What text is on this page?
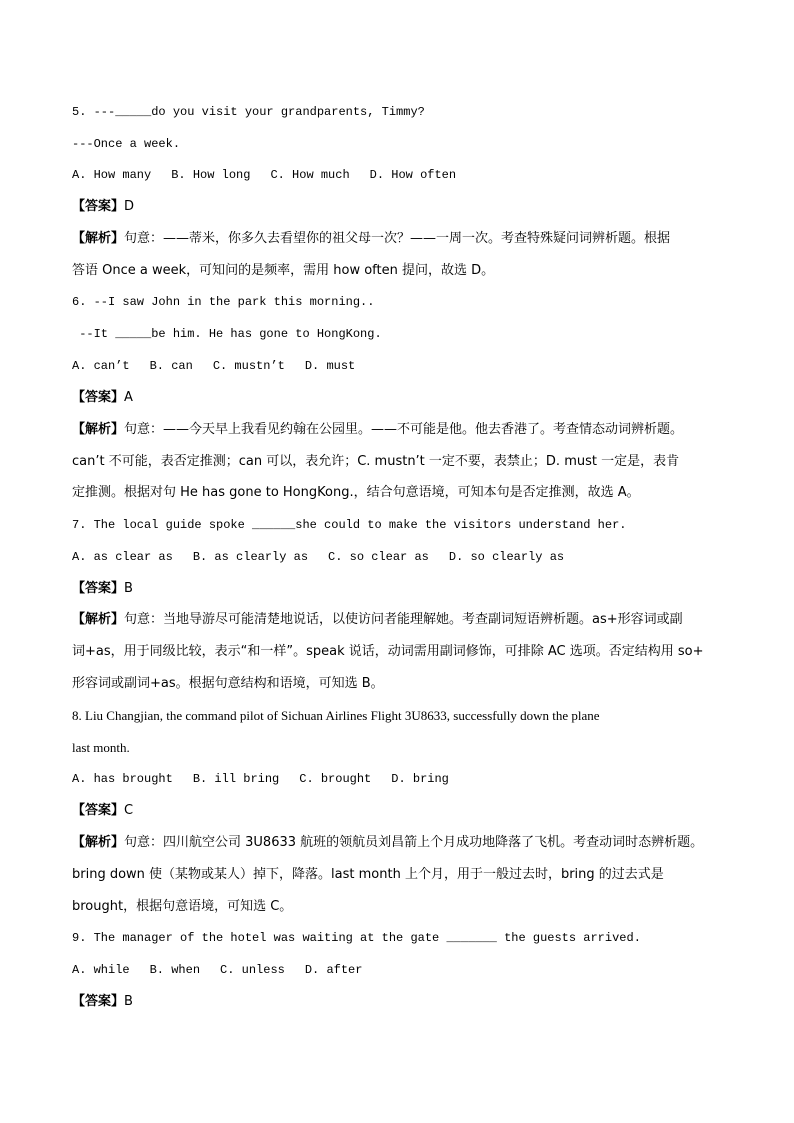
5. ---_____do you visit your grandparents, Timmy?
---Once a week.
A. How many B. How long C. How much D. How often
【答案】D
【解析】句意：——蒂米，你多久去看望你的祖父母一次？——一周一次。考查特殊疑问词辨析题。根据
答语 Once a week，可知问的是频率，需用 how often 提问，故选 D。
6. --I saw John in the park this morning..
--It _____be him. He has gone to HongKong.
A. can’t B. can C. mustn’t D. must
【答案】A
【解析】句意：——今天早上我看见约翰在公园里。——不可能是他。他去香港了。考查情态动词辨析题。
can’t 不可能，表否定推测；can 可以，表允许；C. mustn’t 一定不要，表禁止；D. must 一定是，表肯
定推测。根据对句 He has gone to HongKong.，结合句意语境，可知本句是否定推测，故选 A。
7. The local guide spoke ______she could to make the visitors understand her.
A. as clear as B. as clearly as C. so clear as D. so clearly as
【答案】B
【解析】句意：当地导游尽可能清楚地说话，以使访问者能理解她。考查副词短语辨析题。as+形容词或副
词+as，用于同级比较，表示“和一样”。speak 说话，动词需用副词修饰，可排除 AC 选项。否定结构用 so+
形容词或副词+as。根据句意结构和语境，可知选 B。
8. Liu Changjian, the command pilot of Sichuan Airlines Flight 3U8633, successfully down the plane
last month.
A. has brought B. ill bring C. brought D. bring
【答案】C
【解析】句意：四川航空公司 3U8633 航班的领航员刘昌箭上个月成功地降落了飞机。考查动词时态辨析题。
bring down 使（某物或某人）掉下，降落。last month 上个月，用于一般过去时，bring 的过去式是
brought，根据句意语境，可知选 C。
9. The manager of the hotel was waiting at the gate _______ the guests arrived.
A. while B. when C. unless D. after
【答案】B
